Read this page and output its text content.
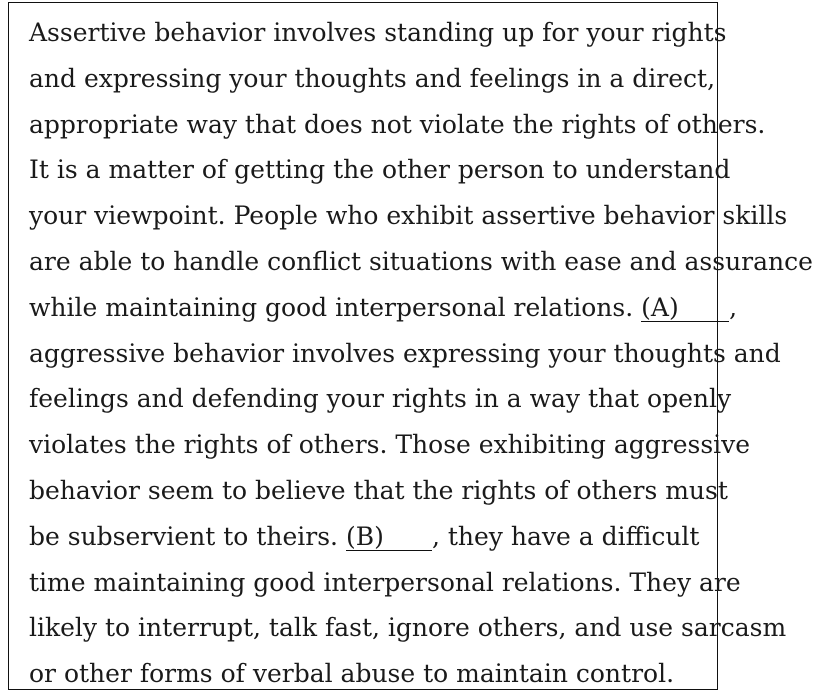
Assertive behavior involves standing up for your rights
and expressing your thoughts and feelings in a direct,
appropriate way that does not violate the rights of others.
It is a matter of getting the other person to understand
your viewpoint. People who exhibit assertive behavior skills
are able to handle conflict situations with ease and assurance
while maintaining good interpersonal relations. (A) ,
aggressive behavior involves expressing your thoughts and
feelings and defending your rights in a way that openly
violates the rights of others. Those exhibiting aggressive
behavior seem to believe that the rights of others must
be subservient to theirs. (B) , they have a difficult
time maintaining good interpersonal relations. They are
likely to interrupt, talk fast, ignore others, and use sarcasm
or other forms of verbal abuse to maintain control.
